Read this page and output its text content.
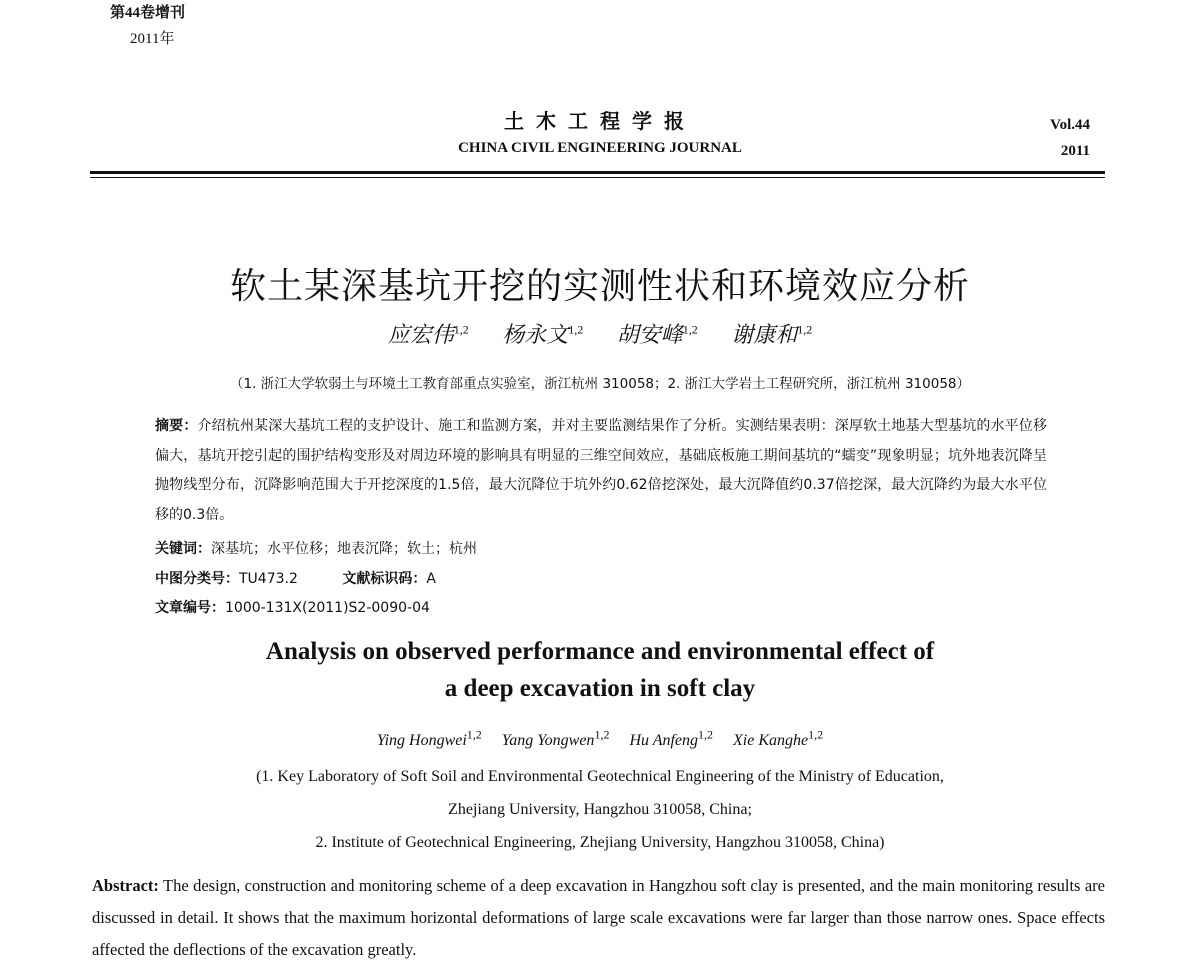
第44卷增刊
2011年
土木工程学报
CHINA CIVIL ENGINEERING JOURNAL
Vol.44
2011
软土某深基坑开挖的实测性状和环境效应分析
应宏伟$^{1,2}$ 杨永文$^{1,2}$ 胡安峰$^{1,2}$ 谢康和$^{1,2}$
（1. 浙江大学软弱土与环境土工教育部重点实验室，浙江杭州 310058；2. 浙江大学岩土工程研究所，浙江杭州 310058）
摘要：介绍杭州某深大基坑工程的支护设计、施工和监测方案，并对主要监测结果作了分析。实测结果表明：深厚软土地基大型基坑的水平位移偏大，基坑开挖引起的围护结构变形及对周边环境的影响具有明显的三维空间效应，基础底板施工期间基坑的“蠕变”现象明显；坑外地表沉降呈抛物线型分布，沉降影响范围大于开挖深度的1.5倍，最大沉降位于坑外约0.62倍挖深处，最大沉降值约0.37倍挖深，最大沉降约为最大水平位移的0.3倍。
关键词：深基坑；水平位移；地表沉降；软土；杭州
中图分类号：TU473.2	文献标识码：A
文章编号：1000-131X(2011)S2-0090-04
Analysis on observed performance and environmental effect of
a deep excavation in soft clay
Ying Hongwei$^{1,2}$ Yang Yongwen$^{1,2}$ Hu Anfeng$^{1,2}$ Xie Kanghe$^{1,2}$
(1. Key Laboratory of Soft Soil and Environmental Geotechnical Engineering of the Ministry of Education,
Zhejiang University, Hangzhou 310058, China;
2. Institute of Geotechnical Engineering, Zhejiang University, Hangzhou 310058, China)
Abstract: The design, construction and monitoring scheme of a deep excavation in Hangzhou soft clay is presented, and the main monitoring results are discussed in detail. It shows that the maximum horizontal deformations of large scale excavations were far larger than those narrow ones. Space effects affected the deflections of the excavation greatly.
